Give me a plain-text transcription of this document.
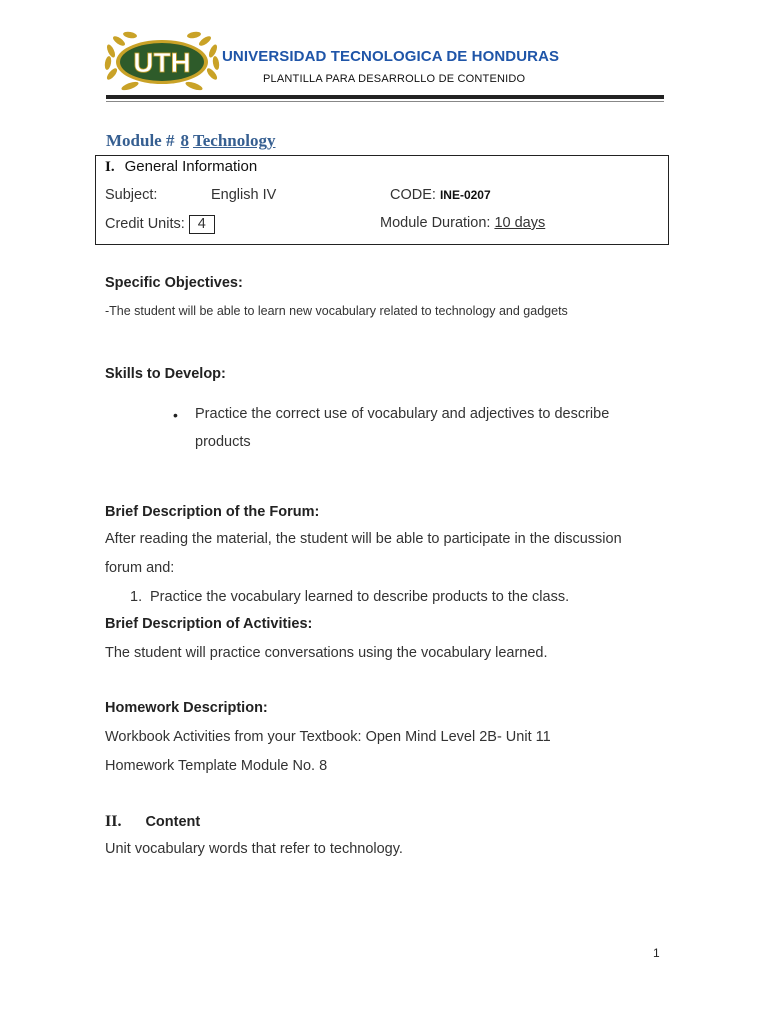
UTH UNIVERSIDAD TECNOLOGICA DE HONDURAS
PLANTILLA PARA DESARROLLO DE CONTENIDO
Module # 8 Technology
I. General Information
Subject:	English IV	CODE: INE-0207
Credit Units: 4	Module Duration: 10 days
Specific Objectives:
-The student will be able to learn new vocabulary related to technology and gadgets
Skills to Develop:
• Practice the correct use of vocabulary and adjectives to describe
products
Brief Description of the Forum:
After reading the material, the student will be able to participate in the discussion
forum and:
1. Practice the vocabulary learned to describe products to the class.
Brief Description of Activities:
The student will practice conversations using the vocabulary learned.
Homework Description:
Workbook Activities from your Textbook: Open Mind Level 2B- Unit 11
Homework Template Module No. 8
II. Content
Unit vocabulary words that refer to technology.
1
